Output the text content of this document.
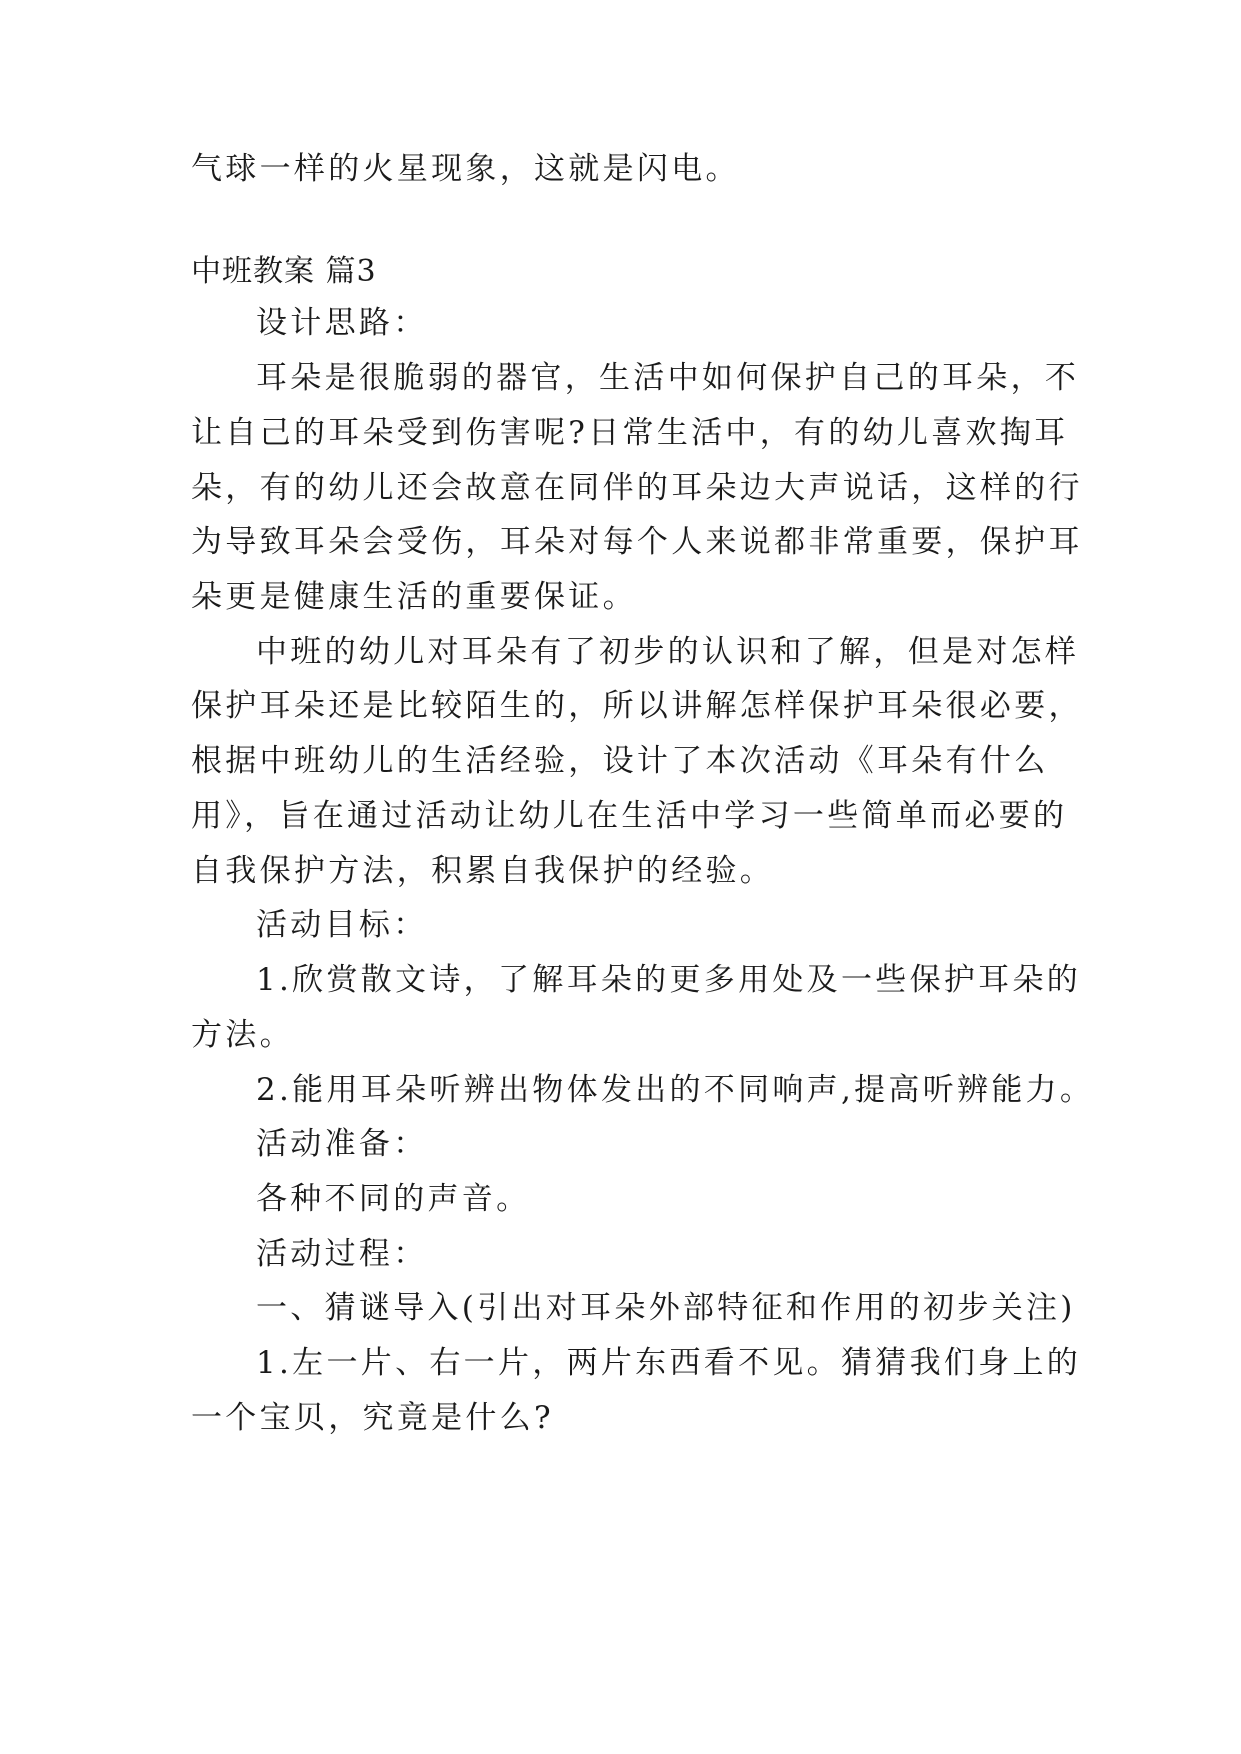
气球一样的火星现象，这就是闪电。
中班教案 篇3
设计思路：
耳朵是很脆弱的器官，生活中如何保护自己的耳朵，不
让自己的耳朵受到伤害呢?日常生活中，有的幼儿喜欢掏耳
朵，有的幼儿还会故意在同伴的耳朵边大声说话，这样的行
为导致耳朵会受伤，耳朵对每个人来说都非常重要，保护耳
朵更是健康生活的重要保证。
中班的幼儿对耳朵有了初步的认识和了解，但是对怎样
保护耳朵还是比较陌生的，所以讲解怎样保护耳朵很必要，
根据中班幼儿的生活经验，设计了本次活动《耳朵有什么
用》，旨在通过活动让幼儿在生活中学习一些简单而必要的
自我保护方法，积累自我保护的经验。
活动目标：
1.欣赏散文诗，了解耳朵的更多用处及一些保护耳朵的
方法。
2.能用耳朵听辨出物体发出的不同响声,提高听辨能力。
活动准备：
各种不同的声音。
活动过程：
一、猜谜导入(引出对耳朵外部特征和作用的初步关注)
1.左一片、右一片，两片东西看不见。猜猜我们身上的
一个宝贝，究竟是什么?
